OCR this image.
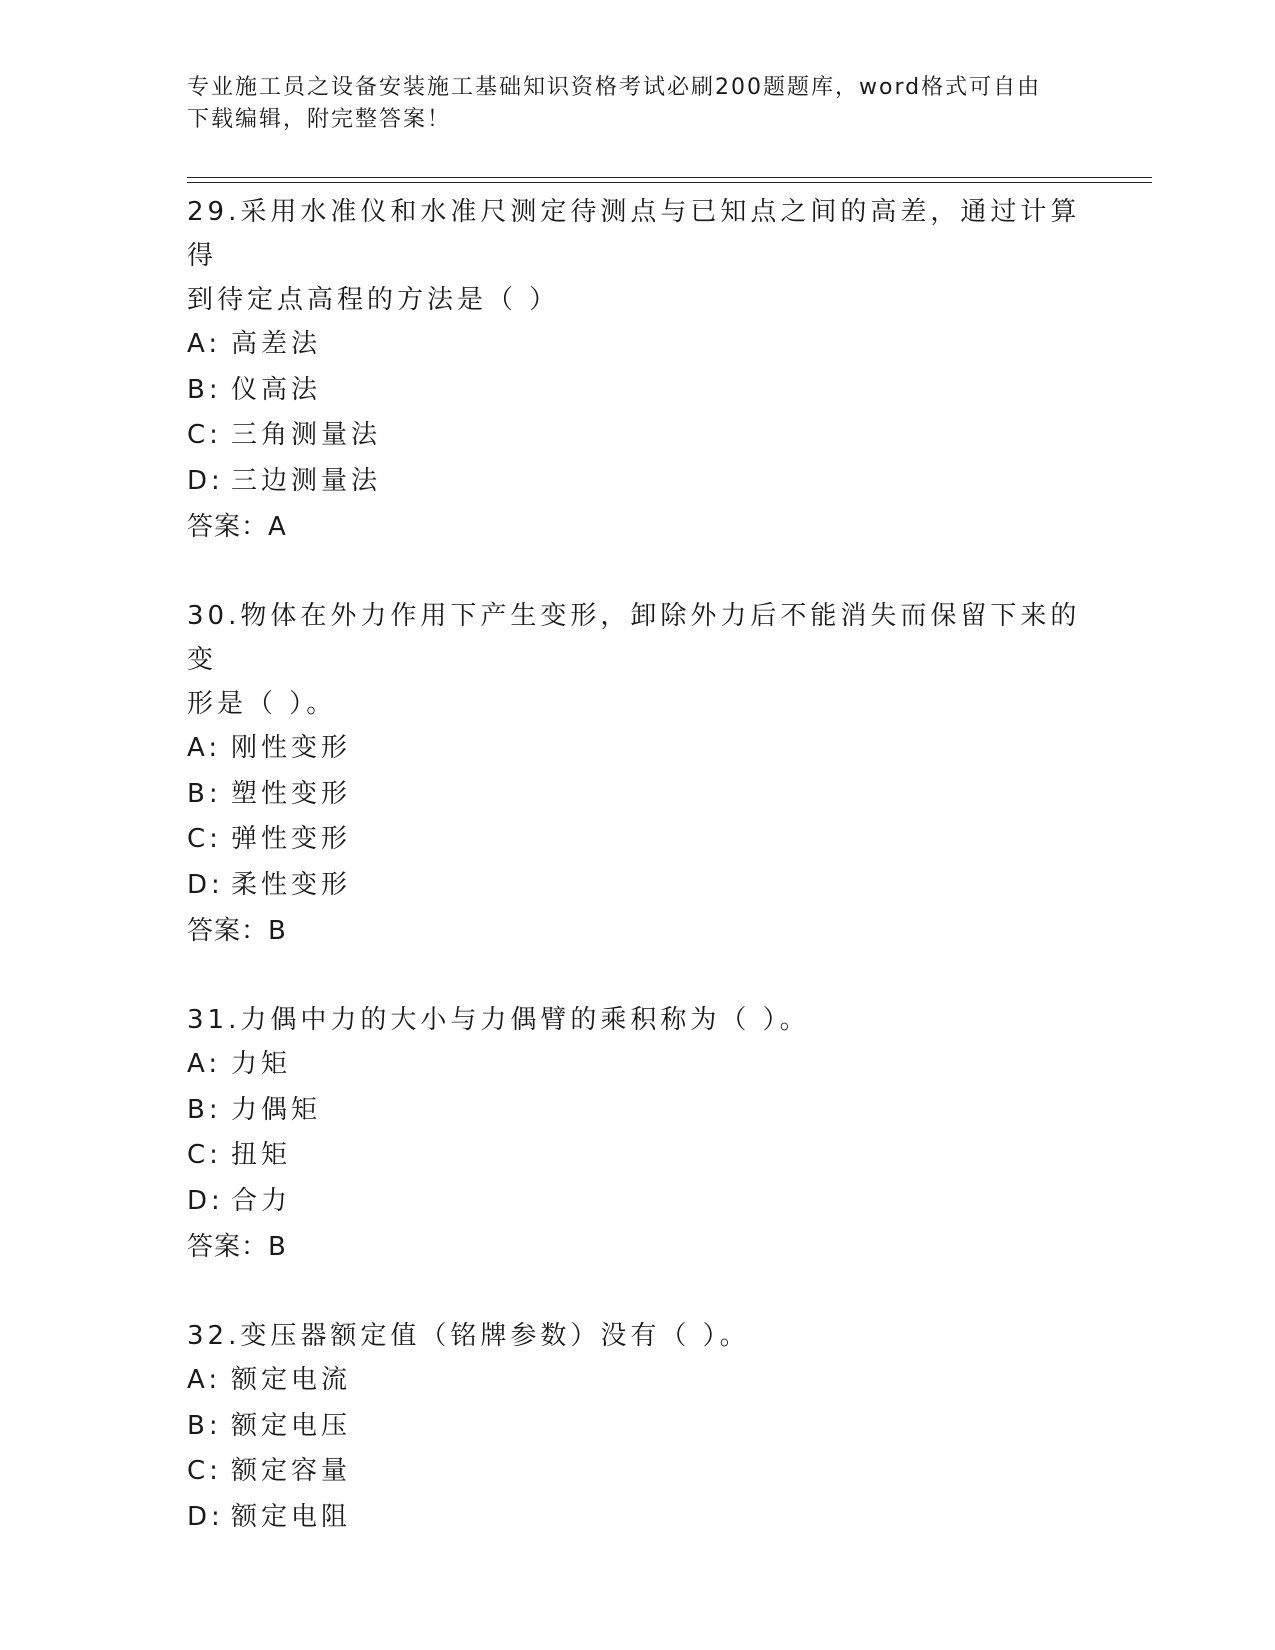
专业施工员之设备安装施工基础知识资格考试必刷200题题库，word格式可自由
下载编辑，附完整答案！

29.采用水准仪和水准尺测定待测点与已知点之间的高差，通过计算得

到待定点高程的方法是（ ）

A: 高差法

B: 仪高法

C: 三角测量法

D: 三边测量法

答案：A

30.物体在外力作用下产生变形，卸除外力后不能消失而保留下来的变

形是（ ）。

A: 刚性变形

B: 塑性变形

C: 弹性变形

D: 柔性变形

答案：B

31.力偶中力的大小与力偶臂的乘积称为（ ）。

A: 力矩

B: 力偶矩

C: 扭矩

D: 合力

答案：B

32.变压器额定值（铭牌参数）没有（ ）。

A: 额定电流

B: 额定电压

C: 额定容量

D: 额定电阻
